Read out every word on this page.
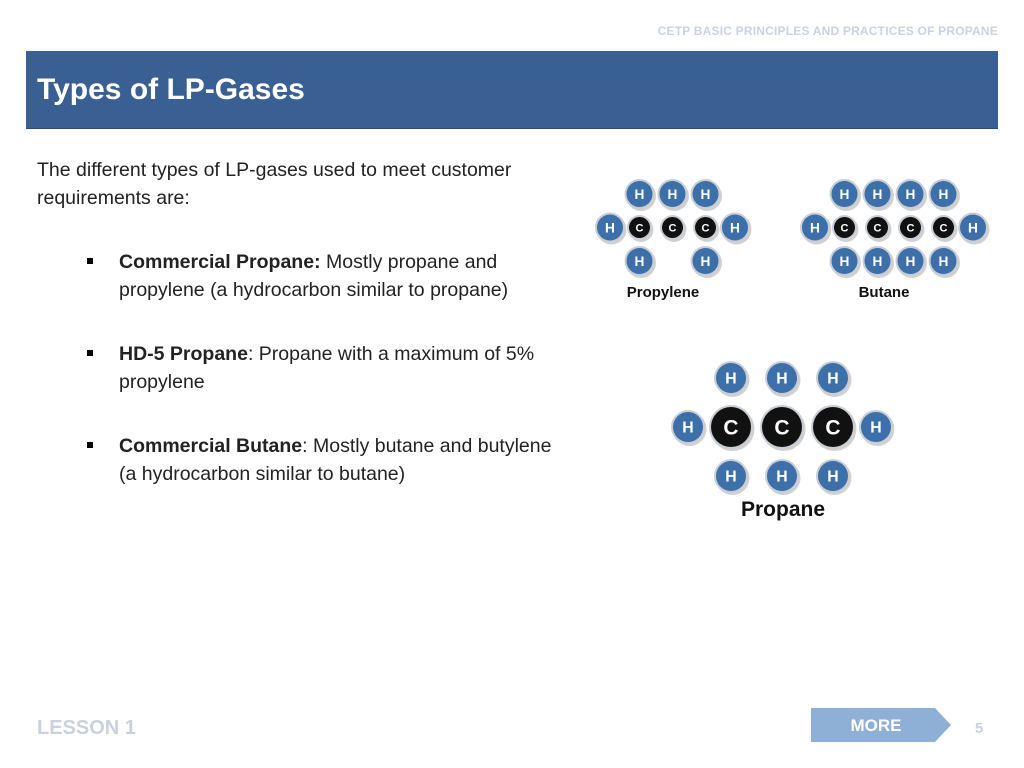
CETP BASIC PRINCIPLES AND PRACTICES OF PROPANE
Types of LP-Gases
The different types of LP-gases used to meet customer requirements are:
Commercial Propane: Mostly propane and propylene (a hydrocarbon similar to propane)
HD-5 Propane: Propane with a maximum of 5% propylene
Commercial Butane: Mostly butane and butylene (a hydrocarbon similar to butane)
C C C
H	H
H H H
H	H
Propylene
C C C C
H	H
H H H H
H H H H
Butane
C C C
H	H
H	H	H
H	H	H
Propane
LESSON 1	MORE	5
